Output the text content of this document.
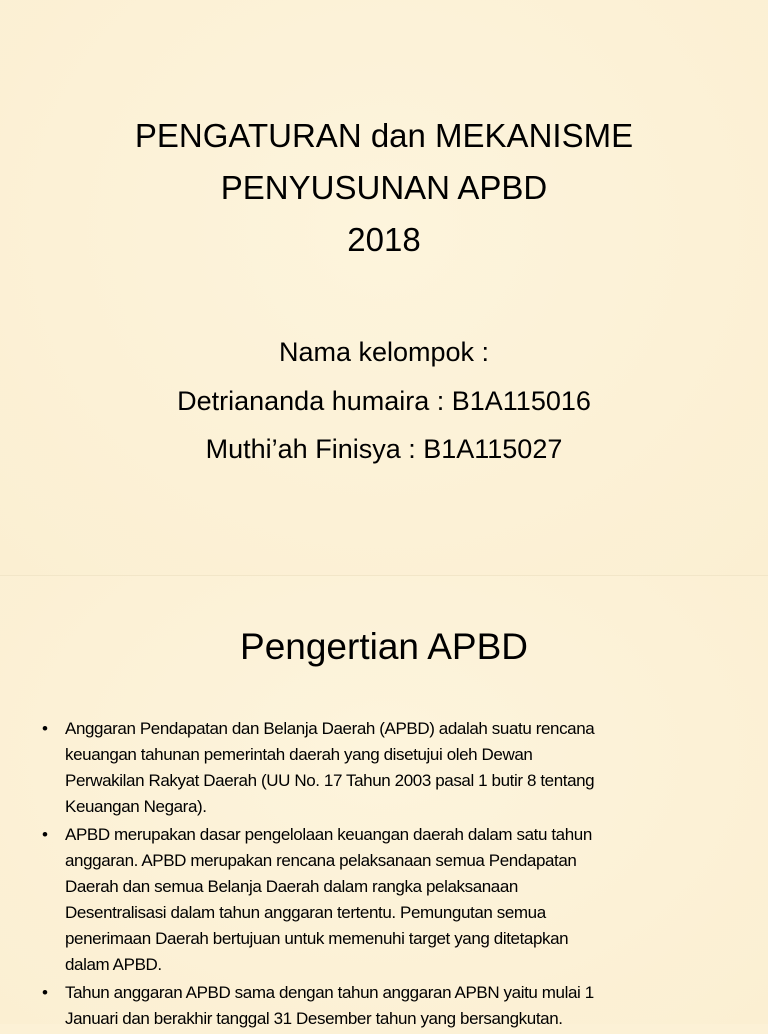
PENGATURAN dan MEKANISME
PENYUSUNAN APBD
2018
Nama kelompok :
Detriananda humaira : B1A115016
Muthi’ah Finisya : B1A115027
Pengertian APBD
• Anggaran Pendapatan dan Belanja Daerah (APBD) adalah suatu rencana
keuangan tahunan pemerintah daerah yang disetujui oleh Dewan
Perwakilan Rakyat Daerah (UU No. 17 Tahun 2003 pasal 1 butir 8 tentang
Keuangan Negara).
• APBD merupakan dasar pengelolaan keuangan daerah dalam satu tahun
anggaran. APBD merupakan rencana pelaksanaan semua Pendapatan
Daerah dan semua Belanja Daerah dalam rangka pelaksanaan
Desentralisasi dalam tahun anggaran tertentu. Pemungutan semua
penerimaan Daerah bertujuan untuk memenuhi target yang ditetapkan
dalam APBD.
• Tahun anggaran APBD sama dengan tahun anggaran APBN yaitu mulai 1
Januari dan berakhir tanggal 31 Desember tahun yang bersangkutan.
